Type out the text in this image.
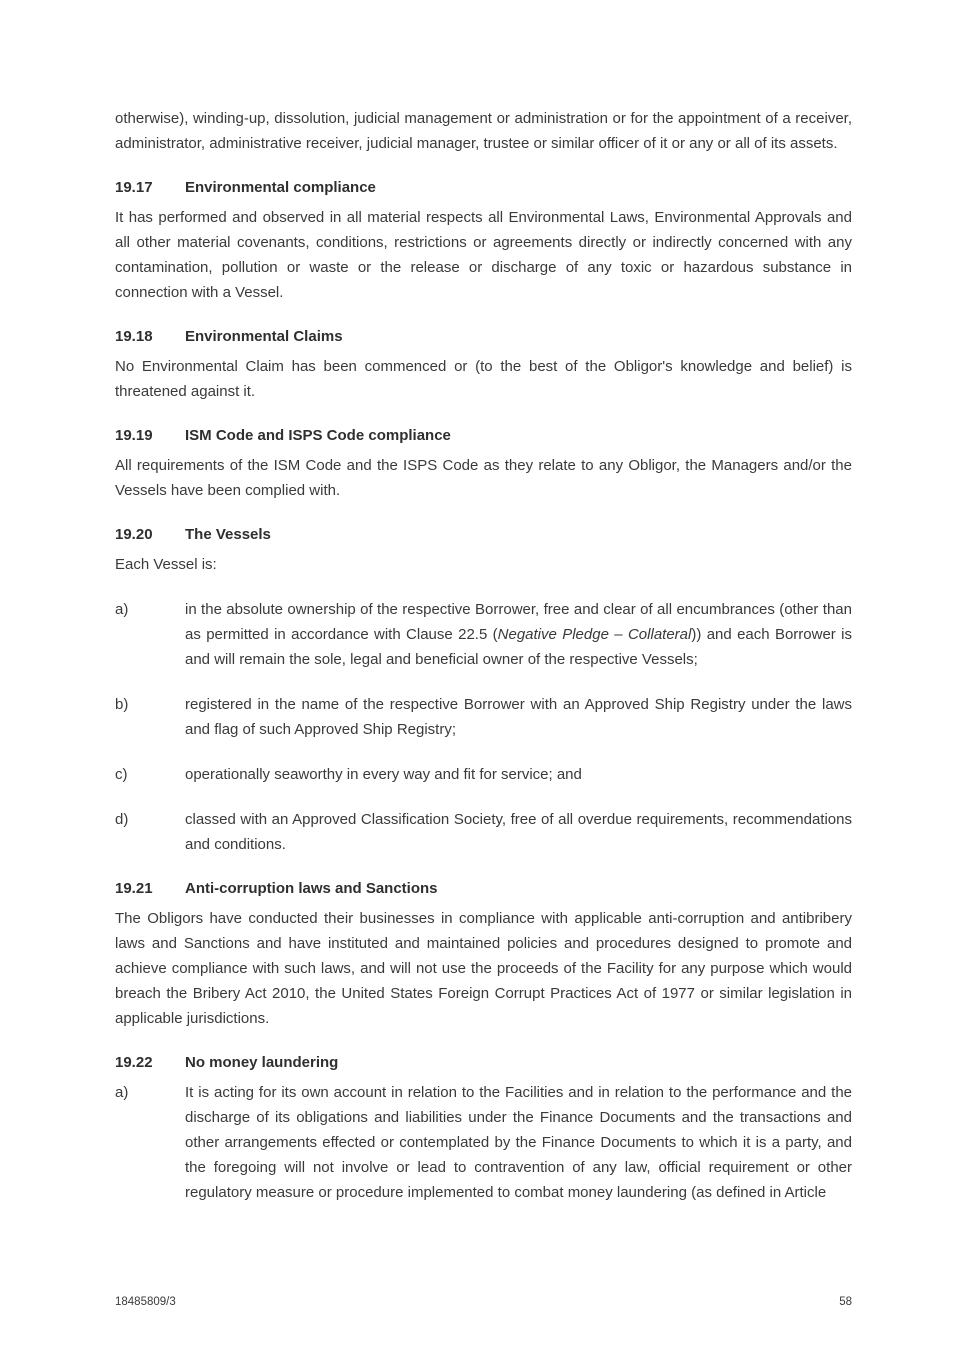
otherwise), winding-up, dissolution, judicial management or administration or for the appointment of a receiver, administrator, administrative receiver, judicial manager, trustee or similar officer of it or any or all of its assets.

19.17	Environmental compliance

It has performed and observed in all material respects all Environmental Laws, Environmental Approvals and all other material covenants, conditions, restrictions or agreements directly or indirectly concerned with any contamination, pollution or waste or the release or discharge of any toxic or hazardous substance in connection with a Vessel.

19.18	Environmental Claims

No Environmental Claim has been commenced or (to the best of the Obligor's knowledge and belief) is threatened against it.

19.19	ISM Code and ISPS Code compliance

All requirements of the ISM Code and the ISPS Code as they relate to any Obligor, the Managers and/or the Vessels have been complied with.

19.20	The Vessels

Each Vessel is:

a)	in the absolute ownership of the respective Borrower, free and clear of all encumbrances (other than as permitted in accordance with Clause 22.5 (Negative Pledge – Collateral)) and each Borrower is and will remain the sole, legal and beneficial owner of the respective Vessels;
b)	registered in the name of the respective Borrower with an Approved Ship Registry under the laws and flag of such Approved Ship Registry;
c)	operationally seaworthy in every way and fit for service; and
d)	classed with an Approved Classification Society, free of all overdue requirements, recommendations and conditions.
19.21	Anti-corruption laws and Sanctions

The Obligors have conducted their businesses in compliance with applicable anti-corruption and antibribery laws and Sanctions and have instituted and maintained policies and procedures designed to promote and achieve compliance with such laws, and will not use the proceeds of the Facility for any purpose which would breach the Bribery Act 2010, the United States Foreign Corrupt Practices Act of 1977 or similar legislation in applicable jurisdictions.

19.22	No money laundering
a)	It is acting for its own account in relation to the Facilities and in relation to the performance and the discharge of its obligations and liabilities under the Finance Documents and the transactions and other arrangements effected or contemplated by the Finance Documents to which it is a party, and the foregoing will not involve or lead to contravention of any law, official requirement or other regulatory measure or procedure implemented to combat money laundering (as defined in Article
18485809/3	58
